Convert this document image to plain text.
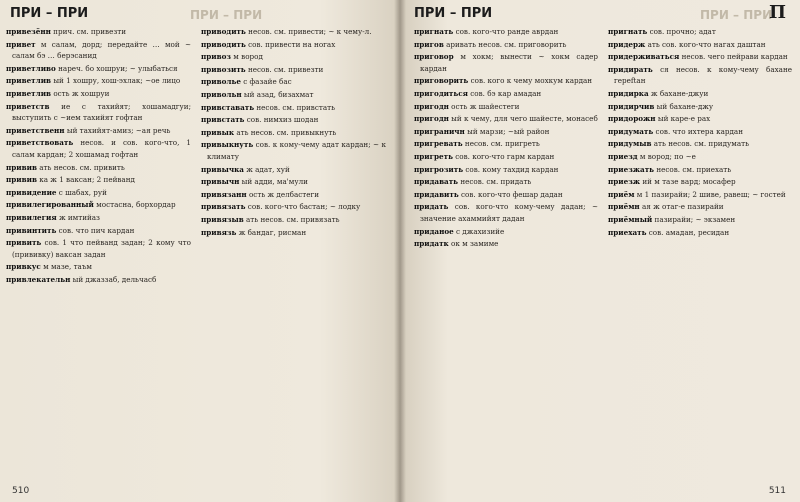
ПРИ – ПРИ	ПРИ – ПРИ
привезённ прич. см. привезти
привет м салам, дорд; передайте … мой ~ салам бэ … берэсанид
приветливо нареч. бо хошруи; ~ улыбаться
приветлив ый 1 хошру, хош-эхлак; ~ое лицо
приветлив ость ж хошруи
приветств ие с тахийят; хошамадгуи; выступить с ~ием тахийят гофтан
приветственн ый тахийят-амиз; ~ая речь
приветствовать несов. и сов. кого-что, 1 салам кардан; 2 хошамад гофтан
привив ать несов. см. привить
привив ка ж 1 ваксан; 2 пейванд
привидение с шабах, руй
привилегированный мостасна, борхордар
привилегия ж имтийаз
привинтить сов. что пич кардан
привить сов. 1 что пейванд задан; 2 кому что (прививку) ваксан задан
привкус м мазе, таъм
привлекательн ый джаззаб, дельчасб
приводить несов. см. привести; ~ к чему-л.
приводить сов. привести на ногах
привоз м вород
привозить несов. см. привезти
приволье с фазайе бас
привольн ый азад, бизахмат
привставать несов. см. привстать
привстать сов. нимхиз шодан
привык ать несов. см. привыкнуть
привыкнуть сов. к кому-чему адат кардан; ~ к климату
привычка ж адат, хуй
привычн ый адди, ма'мули
привязанн ость ж делбастеги
привязать сов. кого-что бастан; ~ лодку
привязыв ать несов. см. привязать
привязь ж бандаг, рисман
510
ПРИ – ПРИ	ПРИ – ПРИ
П
пригнать сов. кого-что ранде аврдан
пригов аривать несов. см. приговорить
приговор м хокм; вынести ~ хокм садер кардан
приговорить сов. кого к чему мохкум кардан
пригодиться сов. бэ кар амадан
пригодн ость ж шайестеги
пригодн ый к чему, для чего шайесте, монасеб
приграничн ый марзи; ~ый район
пригревать несов. см. пригреть
пригреть сов. кого-что гарм кардан
пригрозить сов. кому тахдид кардан
придавать несов. см. придать
придавить сов. кого-что фешар дадан
придать сов. кого-что кому-чему дадан; ~ значение ахаммийят дадан
приданое с джахизийе
придатк ок м замиме
пригнать сов. прочно; адат
придерж ать сов. кого-что нагах даштан
придерживаться несов. чего пейрави кардан
придирать ся несов. к кому-чему бахане гереftан
придирка ж бахане-джуи
придирчив ый бахане-джу
придорожн ый каре-е рах
придумать сов. что ихтера кардан
придумыв ать несов. см. придумать
приезд м вород; по ~е
приезжать несов. см. приехать
приезж ий м тазе вард; мосафер
приём м 1 пазирайи; 2 шиве, равеш; ~ гостей
приёмн ая ж отаг-е пазирайи
приёмный пазирайи; ~ экзамен
приехать сов. амадан, ресидан
511
